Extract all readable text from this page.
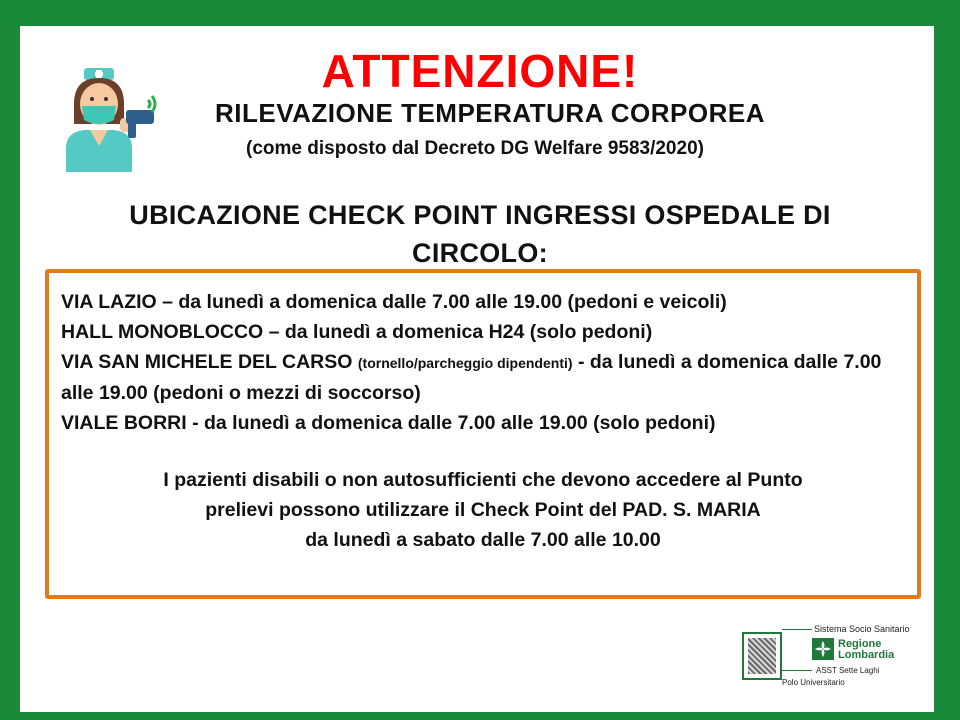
ATTENZIONE!
RILEVAZIONE TEMPERATURA CORPOREA
(come disposto dal Decreto DG Welfare 9583/2020)
UBICAZIONE CHECK POINT INGRESSI OSPEDALE DI CIRCOLO:
VIA LAZIO – da lunedì a domenica dalle 7.00 alle 19.00 (pedoni e veicoli)
HALL MONOBLOCCO – da lunedì a domenica H24 (solo pedoni)
VIA SAN MICHELE DEL CARSO (tornello/parcheggio dipendenti) - da lunedì a domenica dalle 7.00 alle 19.00 (pedoni o mezzi di soccorso)
VIALE BORRI - da lunedì a domenica dalle 7.00 alle 19.00 (solo pedoni)
I pazienti disabili o non autosufficienti che devono accedere al Punto
prelievi possono utilizzare il Check Point del PAD. S. MARIA
da lunedì a sabato dalle 7.00 alle 10.00
Sistema Socio Sanitario
Regione
Lombardia
ASST Sette Laghi
Polo Universitario
